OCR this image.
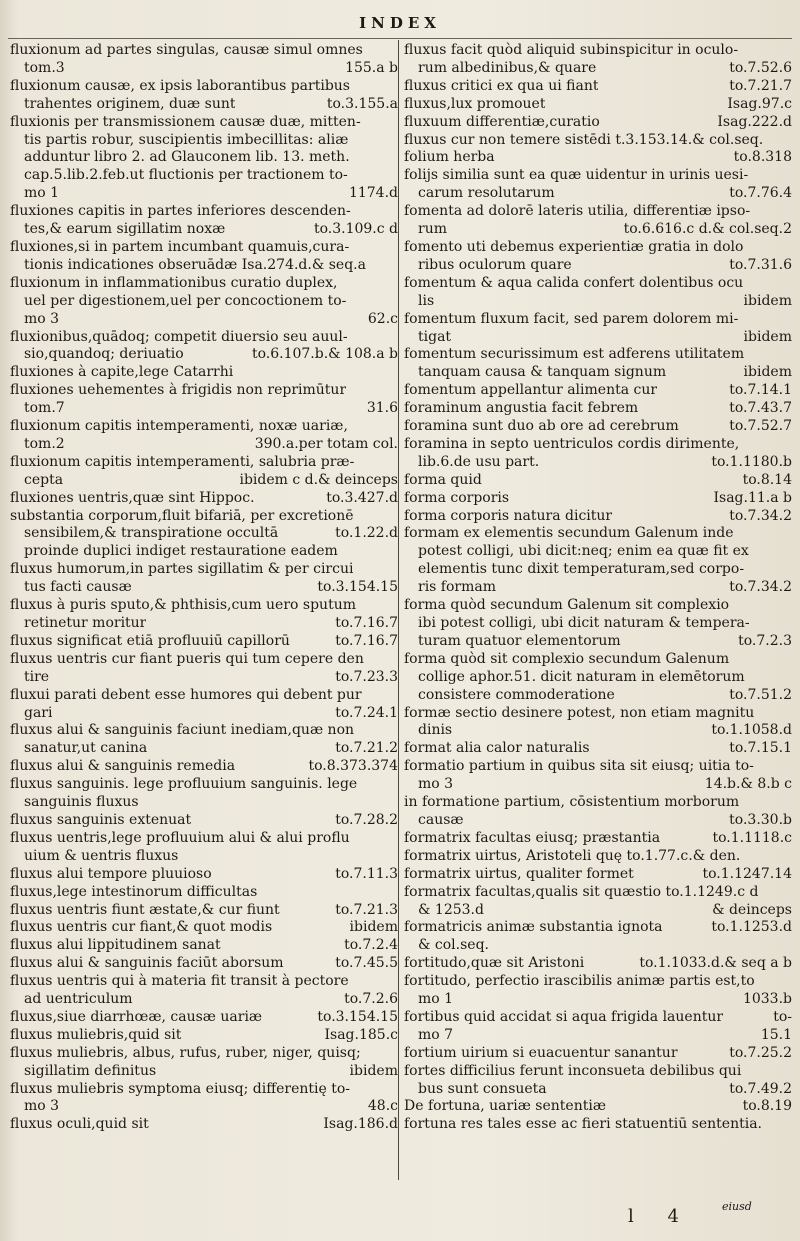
INDEX
fluxionum ad partes singulas, causæ simul omnes
tom.3	155.a b
fluxionum causæ, ex ipsis laborantibus partibus
trahentes originem, duæ sunt	to.3.155.a
fluxionis per transmissionem causæ duæ, mitten-
tis partis robur, suscipientis imbecillitas: aliæ
adduntur libro 2. ad Glauconem lib. 13. meth.
cap.5.lib.2.feb.ut fluctionis per tractionem to-
mo 1	1174.d
fluxiones capitis in partes inferiores descenden-
tes,& earum sigillatim noxæ	to.3.109.c d
fluxiones,si in partem incumbant quamuis,cura-
tionis indicationes obseruādæ Isa.274.d.& seq.a
fluxionum in inflammationibus curatio duplex,
uel per digestionem,uel per concoctionem to-
mo 3	62.c
fluxionibus,quādoq; competit diuersio seu auul-
sio,quandoq; deriuatio	to.6.107.b.& 108.a b
fluxiones à capite,lege Catarrhi
fluxiones uehementes à frigidis non reprimūtur
tom.7	31.6
fluxionum capitis intemperamenti, noxæ uariæ,
tom.2	390.a.per totam col.
fluxionum capitis intemperamenti, salubria præ-
cepta	ibidem c d.& deinceps
fluxiones uentris,quæ sint Hippoc.	to.3.427.d
substantia corporum,fluit bifariā, per excretionē
sensibilem,& transpiratione occultā	to.1.22.d
proinde duplici indiget restauratione eadem
fluxus humorum,in partes sigillatim & per circui
tus facti causæ	to.3.154.15
fluxus à puris sputo,& phthisis,cum uero sputum
retinetur moritur	to.7.16.7
fluxus significat etiā profluuiū capillorū	to.7.16.7
fluxus uentris cur fiant pueris qui tum cepere den
tire	to.7.23.3
fluxui parati debent esse humores qui debent pur
gari	to.7.24.1
fluxus alui & sanguinis faciunt inediam,quæ non
sanatur,ut canina	to.7.21.2
fluxus alui & sanguinis remedia	to.8.373.374
fluxus sanguinis. lege profluuium sanguinis. lege
sanguinis fluxus
fluxus sanguinis extenuat	to.7.28.2
fluxus uentris,lege profluuium alui & alui proflu
uium & uentris fluxus
fluxus alui tempore pluuioso	to.7.11.3
fluxus,lege intestinorum difficultas
fluxus uentris fiunt æstate,& cur fiunt	to.7.21.3
fluxus uentris cur fiant,& quot modis	ibidem
fluxus alui lippitudinem sanat	to.7.2.4
fluxus alui & sanguinis faciūt aborsum	to.7.45.5
fluxus uentris qui à materia fit transit à pectore
ad uentriculum	to.7.2.6
fluxus,siue diarrhœæ, causæ uariæ	to.3.154.15
fluxus muliebris,quid sit	Isag.185.c
fluxus muliebris, albus, rufus, ruber, niger, quisq;
sigillatim definitus	ibidem
fluxus muliebris symptoma eiusq; differentię to-
mo 3	48.c
fluxus oculi,quid sit	Isag.186.d
fluxus facit quòd aliquid subinspicitur in oculo-
rum albedinibus,& quare	to.7.52.6
fluxus critici ex qua ui fiant	to.7.21.7
fluxus,lux promouet	Isag.97.c
fluxuum differentiæ,curatio	Isag.222.d
fluxus cur non temere sistēdi t.3.153.14.& col.seq.
folium herba	to.8.318
folijs similia sunt ea quæ uidentur in urinis uesi-
carum resolutarum	to.7.76.4
fomenta ad dolorē lateris utilia, differentiæ ipso-
rum	to.6.616.c d.& col.seq.2
fomento uti debemus experientiæ gratia in dolo
ribus oculorum quare	to.7.31.6
fomentum & aqua calida confert dolentibus ocu
lis	ibidem
fomentum fluxum facit, sed parem dolorem mi-
tigat	ibidem
fomentum securissimum est adferens utilitatem
tanquam causa & tanquam signum	ibidem
fomentum appellantur alimenta cur	to.7.14.1
foraminum angustia facit febrem	to.7.43.7
foramina sunt duo ab ore ad cerebrum	to.7.52.7
foramina in septo uentriculos cordis dirimente,
lib.6.de usu part.	to.1.1180.b
forma quid	to.8.14
forma corporis	Isag.11.a b
forma corporis natura dicitur	to.7.34.2
formam ex elementis secundum Galenum inde
potest colligi, ubi dicit:neq; enim ea quæ fit ex
elementis tunc dixit temperaturam,sed corpo-
ris formam	to.7.34.2
forma quòd secundum Galenum sit complexio
ibi potest colligi, ubi dicit naturam & tempera-
turam quatuor elementorum	to.7.2.3
forma quòd sit complexio secundum Galenum
collige aphor.51. dicit naturam in elemētorum
consistere commoderatione	to.7.51.2
formæ sectio desinere potest, non etiam magnitu
dinis	to.1.1058.d
format alia calor naturalis	to.7.15.1
formatio partium in quibus sita sit eiusq; uitia to-
mo 3	14.b.& 8.b c
in formatione partium, cōsistentium morborum
causæ	to.3.30.b
formatrix facultas eiusq; præstantia	to.1.1118.c
formatrix uirtus, Aristoteli quę to.1.77.c.& den.
formatrix uirtus, qualiter formet	to.1.1247.14
formatrix facultas,qualis sit quæstio to.1.1249.c d
& 1253.d	& deinceps
formatricis animæ substantia ignota	to.1.1253.d
& col.seq.
fortitudo,quæ sit Aristoni	to.1.1033.d.& seq a b
fortitudo, perfectio irascibilis animæ partis est,to
mo 1	1033.b
fortibus quid accidat si aqua frigida lauentur	to-
mo 7	15.1
fortium uirium si euacuentur sanantur	to.7.25.2
fortes difficilius ferunt inconsueta debilibus qui
bus sunt consueta	to.7.49.2
De fortuna, uariæ sententiæ	to.8.19
fortuna res tales esse ac fieri statuentiū sententia.
l 4	eiusd
